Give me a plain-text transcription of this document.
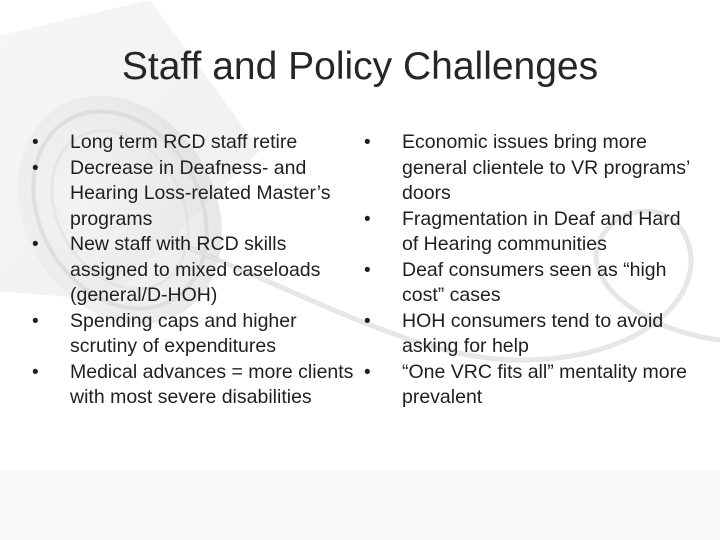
Staff and Policy Challenges
• Long term RCD staff retire
• Decrease in Deafness- and Hearing Loss-related Master’s programs
• New staff with RCD skills assigned to mixed caseloads (general/D-HOH)
• Spending caps and higher scrutiny of expenditures
• Medical advances = more clients with most severe disabilities
• Economic issues bring more general clientele to VR programs’ doors
• Fragmentation in Deaf and Hard of Hearing communities
• Deaf consumers seen as “high cost” cases
• HOH consumers tend to avoid asking for help
• “One VRC fits all” mentality more prevalent
